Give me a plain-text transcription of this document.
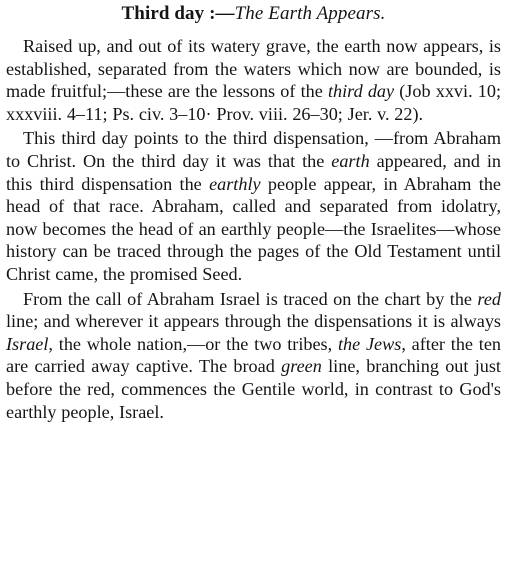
Third day :—The Earth Appears.

Raised up, and out of its watery grave, the earth now appears, is established, separated from the waters which now are bounded, is made fruitful;—these are the lessons of the third day (Job xxvi. 10; xxxviii. 4–11; Ps. civ. 3–10· Prov. viii. 26–30; Jer. v. 22).

This third day points to the third dispensation, —from Abraham to Christ. On the third day it was that the earth appeared, and in this third dispensation the earthly people appear, in Abraham the head of that race. Abraham, called and separated from idolatry, now becomes the head of an earthly people—the Israelites—whose history can be traced through the pages of the Old Testament until Christ came, the promised Seed.

From the call of Abraham Israel is traced on the chart by the red line; and wherever it appears through the dispensations it is always Israel, the whole nation,—or the two tribes, the Jews, after the ten are carried away captive. The broad green line, branching out just before the red, commences the Gentile world, in contrast to God's earthly people, Israel.
